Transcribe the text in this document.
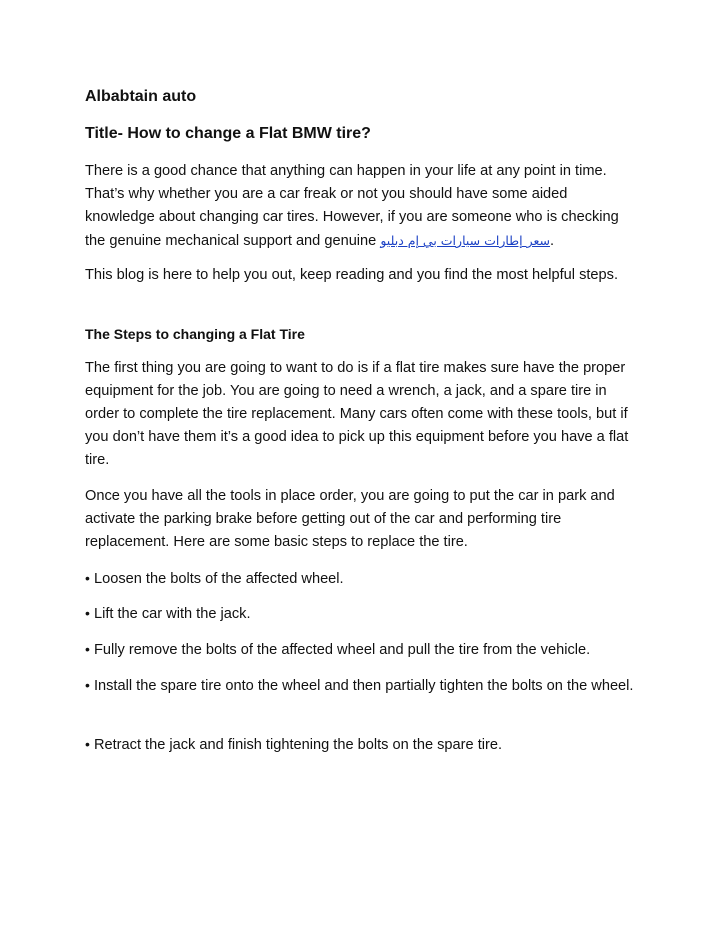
Albabtain auto
Title- How to change a Flat BMW tire?

There is a good chance that anything can happen in your life at any point in time. That’s why whether you are a car freak or not you should have some aided knowledge about changing car tires. However, if you are someone who is checking the genuine mechanical support and genuine سعر إطارات سيارات بي إم دبليو.

This blog is here to help you out, keep reading and you find the most helpful steps.

The Steps to changing a Flat Tire

The first thing you are going to want to do is if a flat tire makes sure have the proper equipment for the job. You are going to need a wrench, a jack, and a spare tire in order to complete the tire replacement. Many cars often come with these tools, but if you don’t have them it’s a good idea to pick up this equipment before you have a flat tire.

Once you have all the tools in place order, you are going to put the car in park and activate the parking brake before getting out of the car and performing tire replacement. Here are some basic steps to replace the tire.

• Loosen the bolts of the affected wheel.

• Lift the car with the jack.

• Fully remove the bolts of the affected wheel and pull the tire from the vehicle.

• Install the spare tire onto the wheel and then partially tighten the bolts on the wheel.

• Retract the jack and finish tightening the bolts on the spare tire.
